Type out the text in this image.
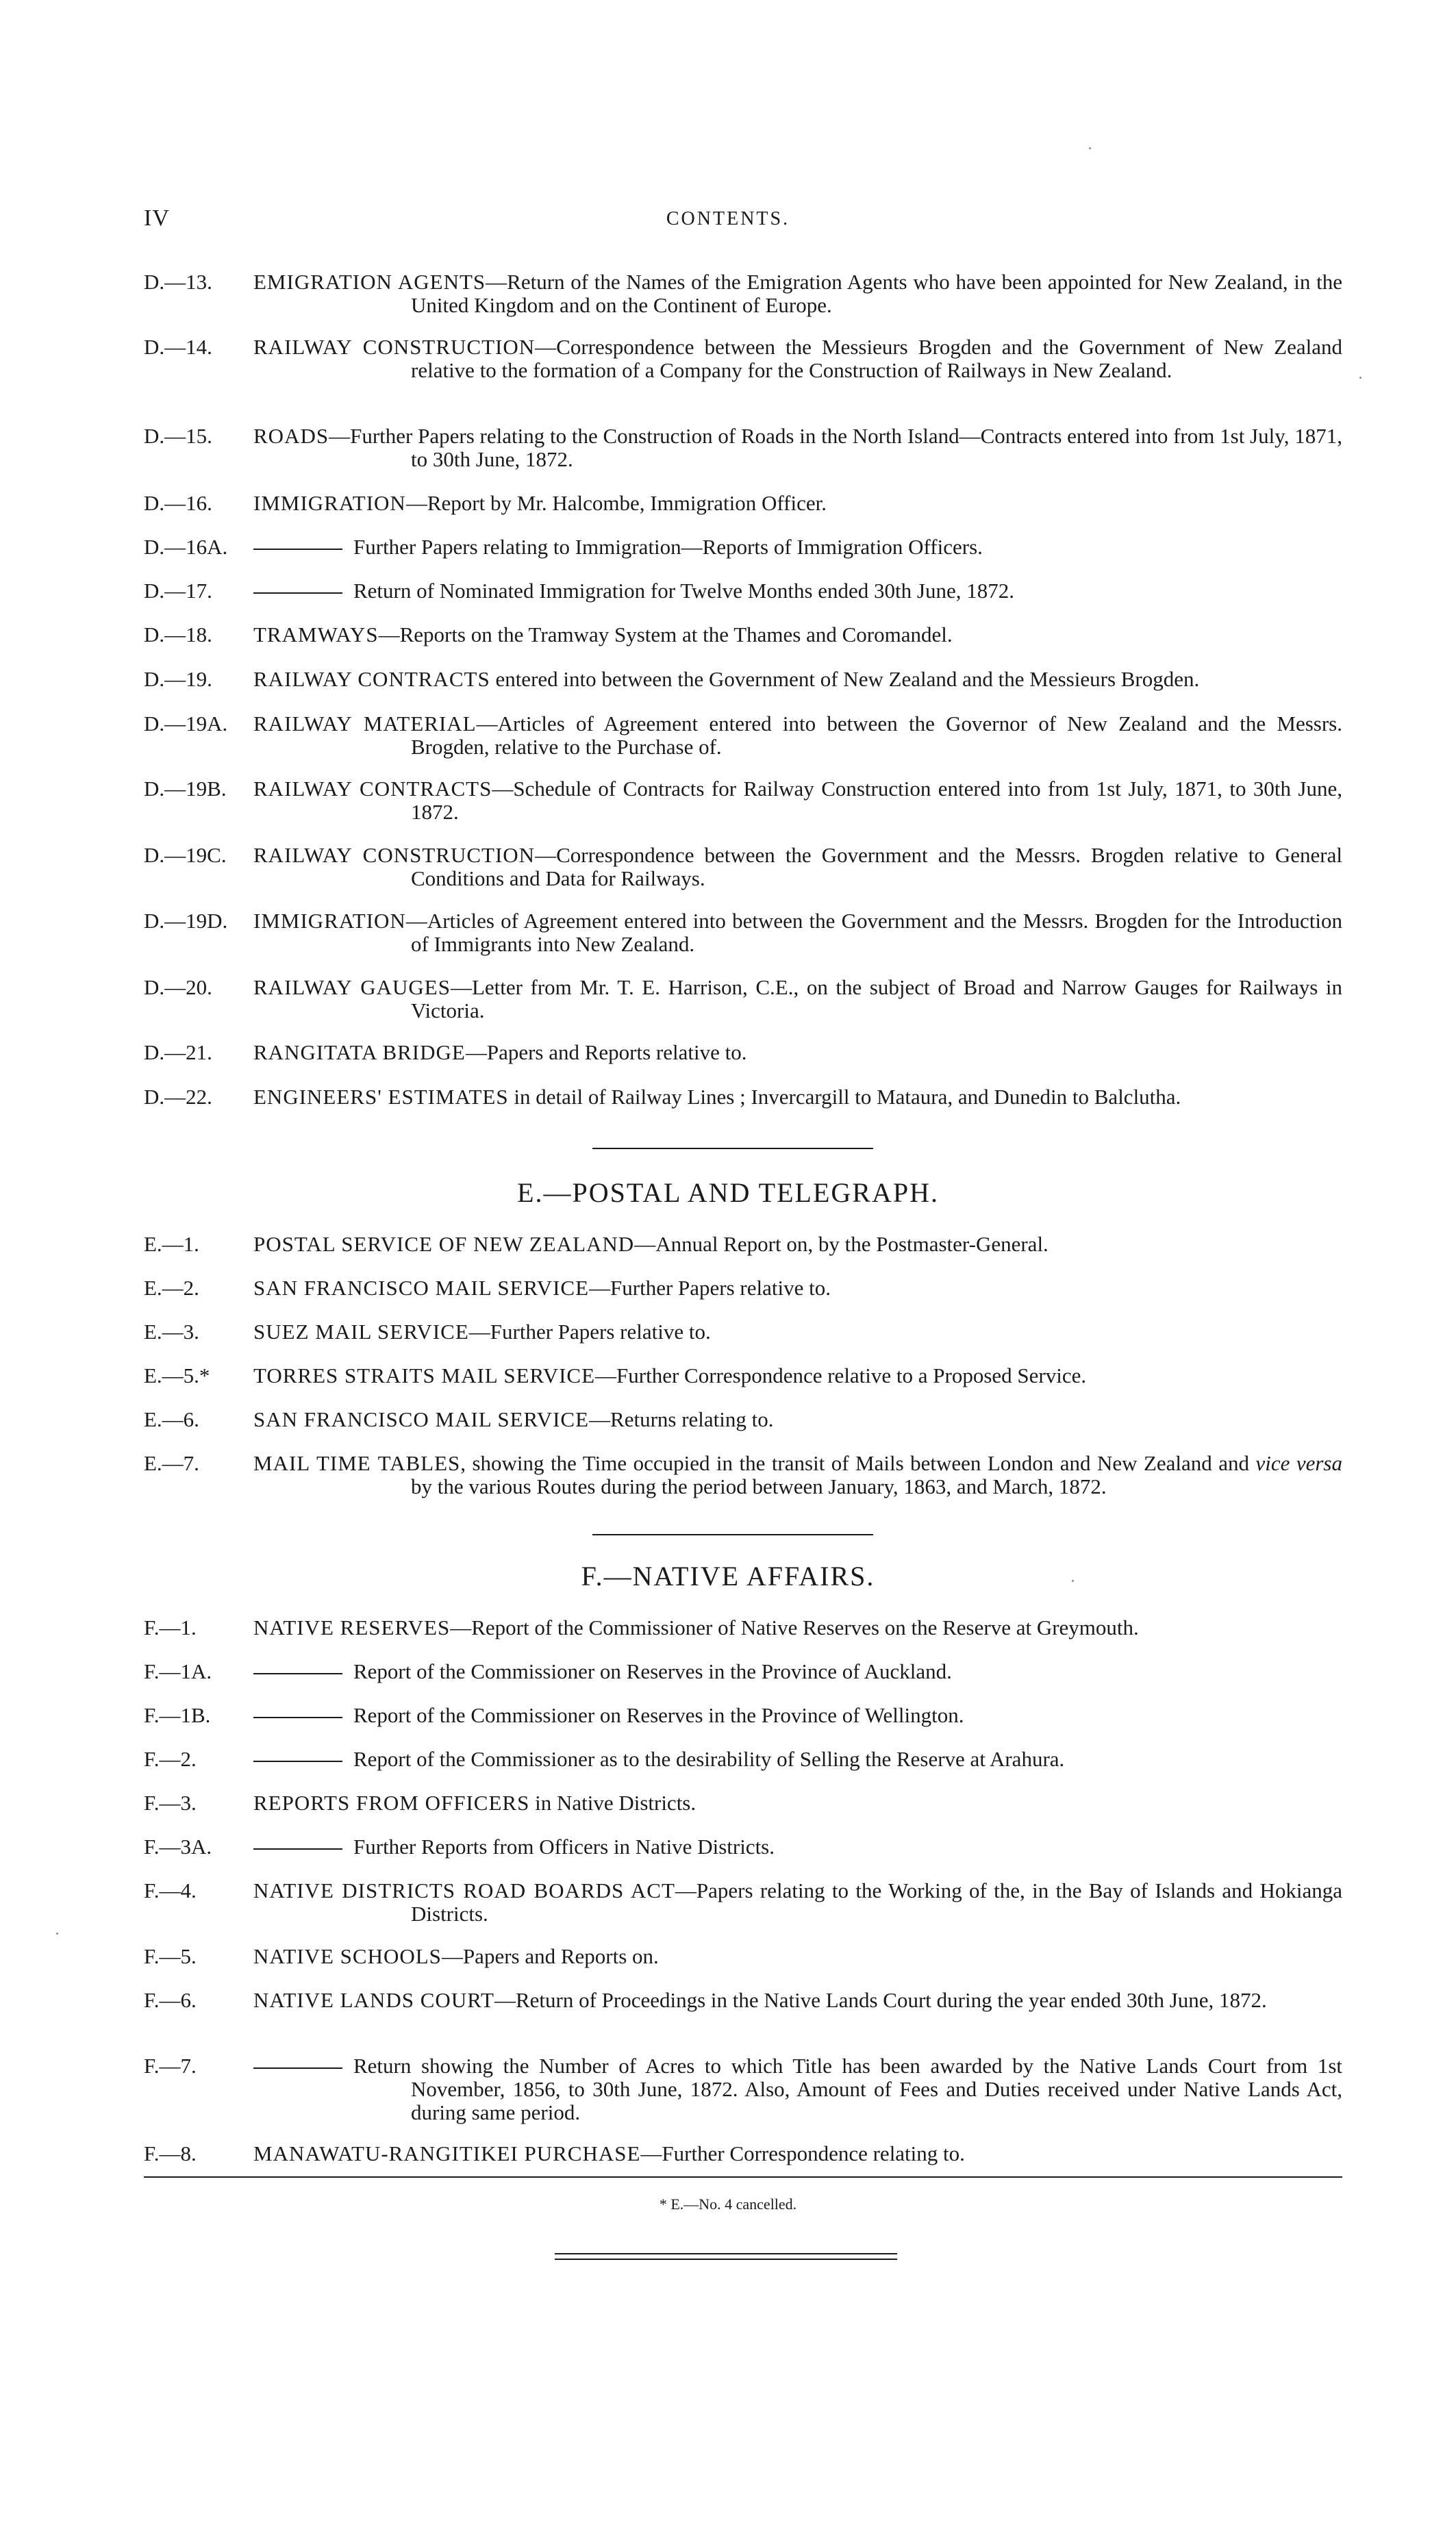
IV	CONTENTS.
D.—13.	EMIGRATION AGENTS—Return of the Names of the Emigration Agents who have been appointed for New Zealand, in the United Kingdom and on the Continent of Europe.
D.—14.	RAILWAY CONSTRUCTION—Correspondence between the Messieurs Brogden and the Government of New Zealand relative to the formation of a Company for the Construction of Railways in New Zealand.
D.—15.	ROADS—Further Papers relating to the Construction of Roads in the North Island—Contracts entered into from 1st July, 1871, to 30th June, 1872.
D.—16.	IMMIGRATION—Report by Mr. Halcombe, Immigration Officer.
D.—16A.	Further Papers relating to Immigration—Reports of Immigration Officers.
D.—17.	Return of Nominated Immigration for Twelve Months ended 30th June, 1872.
D.—18.	TRAMWAYS—Reports on the Tramway System at the Thames and Coromandel.
D.—19.	RAILWAY CONTRACTS entered into between the Government of New Zealand and the Messieurs Brogden.
D.—19A.	RAILWAY MATERIAL—Articles of Agreement entered into between the Governor of New Zealand and the Messrs. Brogden, relative to the Purchase of.
D.—19B.	RAILWAY CONTRACTS—Schedule of Contracts for Railway Construction entered into from 1st July, 1871, to 30th June, 1872.
D.—19C.	RAILWAY CONSTRUCTION—Correspondence between the Government and the Messrs. Brogden relative to General Conditions and Data for Railways.
D.—19D.	IMMIGRATION—Articles of Agreement entered into between the Government and the Messrs. Brogden for the Introduction of Immigrants into New Zealand.
D.—20.	RAILWAY GAUGES—Letter from Mr. T. E. Harrison, C.E., on the subject of Broad and Narrow Gauges for Railways in Victoria.
D.—21.	RANGITATA BRIDGE—Papers and Reports relative to.
D.—22.	ENGINEERS' ESTIMATES in detail of Railway Lines ; Invercargill to Mataura, and Dunedin to Balclutha.
E.—POSTAL AND TELEGRAPH.
E.—1.	POSTAL SERVICE OF NEW ZEALAND—Annual Report on, by the Postmaster-General.
E.—2.	SAN FRANCISCO MAIL SERVICE—Further Papers relative to.
E.—3.	SUEZ MAIL SERVICE—Further Papers relative to.
E.—5.*	TORRES STRAITS MAIL SERVICE—Further Correspondence relative to a Proposed Service.
E.—6.	SAN FRANCISCO MAIL SERVICE—Returns relating to.
E.—7.	MAIL TIME TABLES, showing the Time occupied in the transit of Mails between London and New Zealand and vice versa by the various Routes during the period between January, 1863, and March, 1872.
F.—NATIVE AFFAIRS.
F.—1.	NATIVE RESERVES—Report of the Commissioner of Native Reserves on the Reserve at Greymouth.
F.—1A.	Report of the Commissioner on Reserves in the Province of Auckland.
F.—1B.	Report of the Commissioner on Reserves in the Province of Wellington.
F.—2.	Report of the Commissioner as to the desirability of Selling the Reserve at Arahura.
F.—3.	REPORTS FROM OFFICERS in Native Districts.
F.—3A.	Further Reports from Officers in Native Districts.
F.—4.	NATIVE DISTRICTS ROAD BOARDS ACT—Papers relating to the Working of the, in the Bay of Islands and Hokianga Districts.
F.—5.	NATIVE SCHOOLS—Papers and Reports on.
F.—6.	NATIVE LANDS COURT—Return of Proceedings in the Native Lands Court during the year ended 30th June, 1872.
F.—7.	Return showing the Number of Acres to which Title has been awarded by the Native Lands Court from 1st November, 1856, to 30th June, 1872. Also, Amount of Fees and Duties received under Native Lands Act, during same period.
F.—8.	MANAWATU-RANGITIKEI PURCHASE—Further Correspondence relating to.
* E.—No. 4 cancelled.
